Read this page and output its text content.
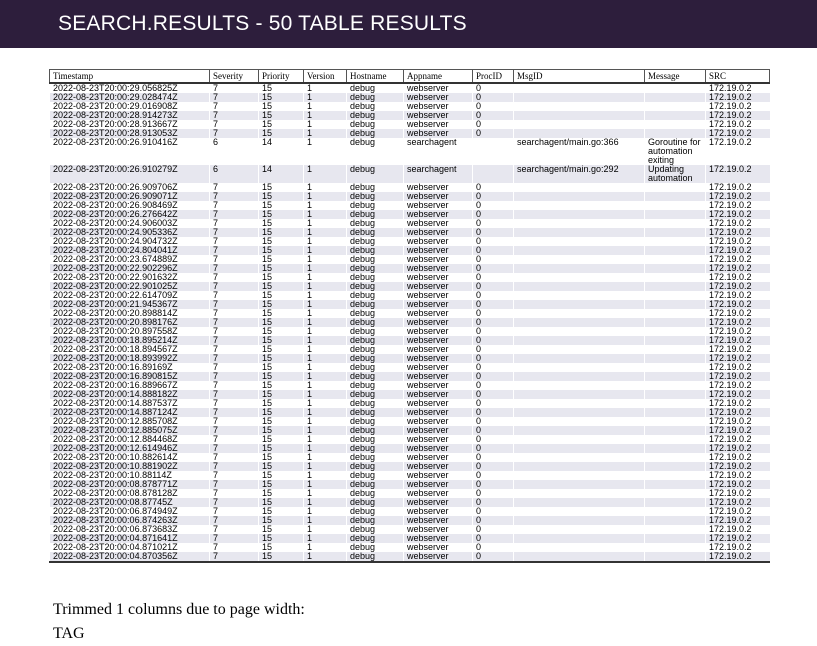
SEARCH.RESULTS - 50 TABLE RESULTS
Timestamp	Severity	Priority	Version	Hostname	Appname	ProcID	MsgID	Message	SRC
2022-08-23T20:00:29.056825Z	7	15	1	debug	webserver	0			172.19.0.2
2022-08-23T20:00:29.028474Z	7	15	1	debug	webserver	0			172.19.0.2
2022-08-23T20:00:29.016908Z	7	15	1	debug	webserver	0			172.19.0.2
2022-08-23T20:00:28.914273Z	7	15	1	debug	webserver	0			172.19.0.2
2022-08-23T20:00:28.913667Z	7	15	1	debug	webserver	0			172.19.0.2
2022-08-23T20:00:28.913053Z	7	15	1	debug	webserver	0			172.19.0.2
2022-08-23T20:00:26.910416Z	6	14	1	debug	searchagent		searchagent/main.go:366	Goroutine for automation exiting	172.19.0.2
2022-08-23T20:00:26.910279Z	6	14	1	debug	searchagent		searchagent/main.go:292	Updating automation	172.19.0.2
2022-08-23T20:00:26.909706Z	7	15	1	debug	webserver	0			172.19.0.2
2022-08-23T20:00:26.909071Z	7	15	1	debug	webserver	0			172.19.0.2
2022-08-23T20:00:26.908469Z	7	15	1	debug	webserver	0			172.19.0.2
2022-08-23T20:00:26.276642Z	7	15	1	debug	webserver	0			172.19.0.2
2022-08-23T20:00:24.906003Z	7	15	1	debug	webserver	0			172.19.0.2
2022-08-23T20:00:24.905336Z	7	15	1	debug	webserver	0			172.19.0.2
2022-08-23T20:00:24.904732Z	7	15	1	debug	webserver	0			172.19.0.2
2022-08-23T20:00:24.804041Z	7	15	1	debug	webserver	0			172.19.0.2
2022-08-23T20:00:23.674889Z	7	15	1	debug	webserver	0			172.19.0.2
2022-08-23T20:00:22.902296Z	7	15	1	debug	webserver	0			172.19.0.2
2022-08-23T20:00:22.901632Z	7	15	1	debug	webserver	0			172.19.0.2
2022-08-23T20:00:22.901025Z	7	15	1	debug	webserver	0			172.19.0.2
2022-08-23T20:00:22.614709Z	7	15	1	debug	webserver	0			172.19.0.2
2022-08-23T20:00:21.945367Z	7	15	1	debug	webserver	0			172.19.0.2
2022-08-23T20:00:20.898814Z	7	15	1	debug	webserver	0			172.19.0.2
2022-08-23T20:00:20.898176Z	7	15	1	debug	webserver	0			172.19.0.2
2022-08-23T20:00:20.897558Z	7	15	1	debug	webserver	0			172.19.0.2
2022-08-23T20:00:18.895214Z	7	15	1	debug	webserver	0			172.19.0.2
2022-08-23T20:00:18.894567Z	7	15	1	debug	webserver	0			172.19.0.2
2022-08-23T20:00:18.893992Z	7	15	1	debug	webserver	0			172.19.0.2
2022-08-23T20:00:16.89169Z	7	15	1	debug	webserver	0			172.19.0.2
2022-08-23T20:00:16.890815Z	7	15	1	debug	webserver	0			172.19.0.2
2022-08-23T20:00:16.889667Z	7	15	1	debug	webserver	0			172.19.0.2
2022-08-23T20:00:14.888182Z	7	15	1	debug	webserver	0			172.19.0.2
2022-08-23T20:00:14.887537Z	7	15	1	debug	webserver	0			172.19.0.2
2022-08-23T20:00:14.887124Z	7	15	1	debug	webserver	0			172.19.0.2
2022-08-23T20:00:12.885708Z	7	15	1	debug	webserver	0			172.19.0.2
2022-08-23T20:00:12.885075Z	7	15	1	debug	webserver	0			172.19.0.2
2022-08-23T20:00:12.884468Z	7	15	1	debug	webserver	0			172.19.0.2
2022-08-23T20:00:12.614946Z	7	15	1	debug	webserver	0			172.19.0.2
2022-08-23T20:00:10.882614Z	7	15	1	debug	webserver	0			172.19.0.2
2022-08-23T20:00:10.881902Z	7	15	1	debug	webserver	0			172.19.0.2
2022-08-23T20:00:10.88114Z	7	15	1	debug	webserver	0			172.19.0.2
2022-08-23T20:00:08.878771Z	7	15	1	debug	webserver	0			172.19.0.2
2022-08-23T20:00:08.878128Z	7	15	1	debug	webserver	0			172.19.0.2
2022-08-23T20:00:08.87745Z	7	15	1	debug	webserver	0			172.19.0.2
2022-08-23T20:00:06.874949Z	7	15	1	debug	webserver	0			172.19.0.2
2022-08-23T20:00:06.874263Z	7	15	1	debug	webserver	0			172.19.0.2
2022-08-23T20:00:06.873683Z	7	15	1	debug	webserver	0			172.19.0.2
2022-08-23T20:00:04.871641Z	7	15	1	debug	webserver	0			172.19.0.2
2022-08-23T20:00:04.871021Z	7	15	1	debug	webserver	0			172.19.0.2
2022-08-23T20:00:04.870356Z	7	15	1	debug	webserver	0			172.19.0.2
Trimmed 1 columns due to page width:
TAG
